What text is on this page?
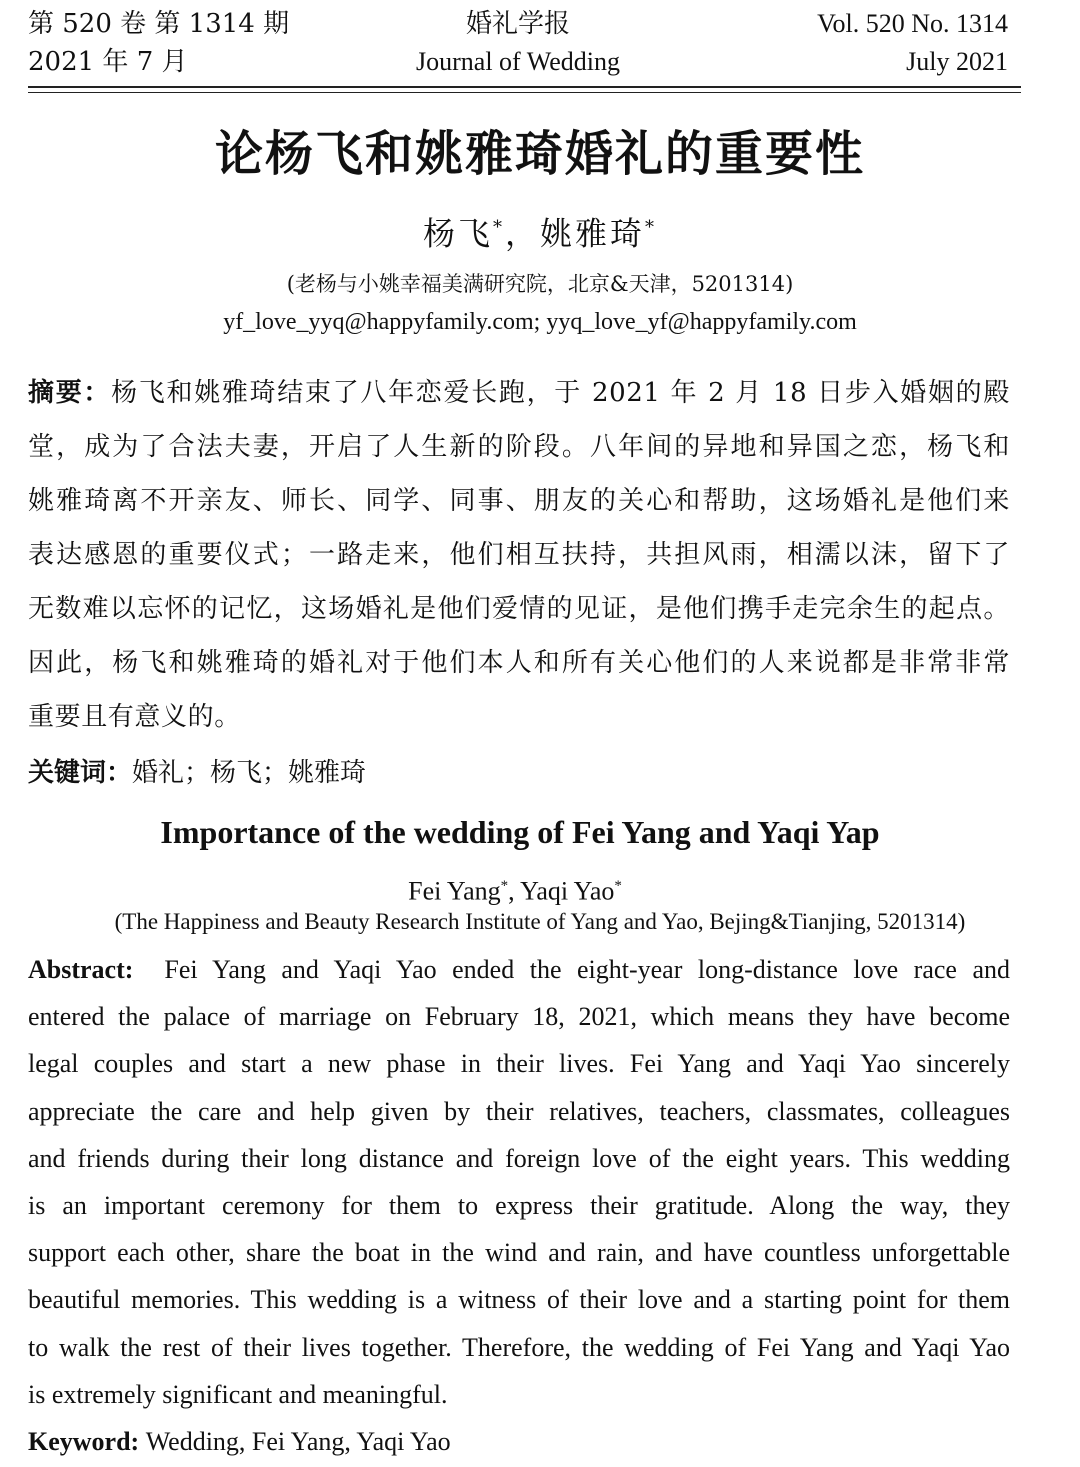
第 520 卷 第 1314 期	婚礼学报	Vol. 520 No. 1314
2021 年 7 月	Journal of Wedding	July 2021
论杨飞和姚雅琦婚礼的重要性
杨飞*，姚雅琦*
(老杨与小姚幸福美满研究院，北京&天津，5201314)
yf_love_yyq@happyfamily.com; yyq_love_yf@happyfamily.com
摘要：杨飞和姚雅琦结束了八年恋爱长跑，于 2021 年 2 月 18 日步入婚姻的殿
堂，成为了合法夫妻，开启了人生新的阶段。八年间的异地和异国之恋，杨飞和
姚雅琦离不开亲友、师长、同学、同事、朋友的关心和帮助，这场婚礼是他们来
表达感恩的重要仪式；一路走来，他们相互扶持，共担风雨，相濡以沫，留下了
无数难以忘怀的记忆，这场婚礼是他们爱情的见证，是他们携手走完余生的起点。
因此，杨飞和姚雅琦的婚礼对于他们本人和所有关心他们的人来说都是非常非常
重要且有意义的。
关键词：婚礼；杨飞；姚雅琦
Importance of the wedding of Fei Yang and Yaqi Yap
Fei Yang*, Yaqi Yao*
(The Happiness and Beauty Research Institute of Yang and Yao, Bejing&Tianjing, 5201314)
Abstract: Fei Yang and Yaqi Yao ended the eight-year long-distance love race and
entered the palace of marriage on February 18, 2021, which means they have become
legal couples and start a new phase in their lives. Fei Yang and Yaqi Yao sincerely
appreciate the care and help given by their relatives, teachers, classmates, colleagues
and friends during their long distance and foreign love of the eight years. This wedding
is an important ceremony for them to express their gratitude. Along the way, they
support each other, share the boat in the wind and rain, and have countless unforgettable
beautiful memories. This wedding is a witness of their love and a starting point for them
to walk the rest of their lives together. Therefore, the wedding of Fei Yang and Yaqi Yao
is extremely significant and meaningful.
Keyword: Wedding, Fei Yang, Yaqi Yao
